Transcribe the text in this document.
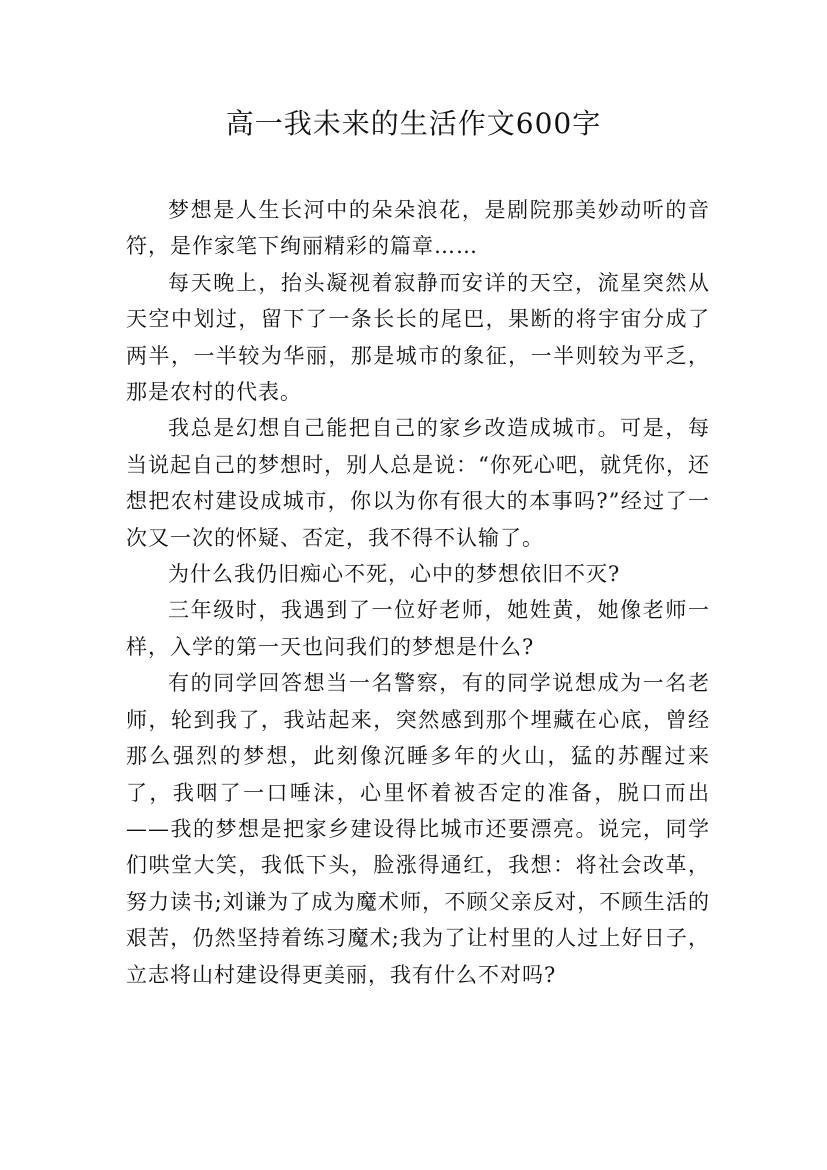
高一我未来的生活作文600字

梦想是人生长河中的朵朵浪花，是剧院那美妙动听的音符，是作家笔下绚丽精彩的篇章……

每天晚上，抬头凝视着寂静而安详的天空，流星突然从天空中划过，留下了一条长长的尾巴，果断的将宇宙分成了两半，一半较为华丽，那是城市的象征，一半则较为平乏，那是农村的代表。

我总是幻想自己能把自己的家乡改造成城市。可是，每当说起自己的梦想时，别人总是说：“你死心吧，就凭你，还想把农村建设成城市，你以为你有很大的本事吗?”经过了一次又一次的怀疑、否定，我不得不认输了。

为什么我仍旧痴心不死，心中的梦想依旧不灭?

三年级时，我遇到了一位好老师，她姓黄，她像老师一样，入学的第一天也问我们的梦想是什么?

有的同学回答想当一名警察，有的同学说想成为一名老师，轮到我了，我站起来，突然感到那个埋藏在心底，曾经那么强烈的梦想，此刻像沉睡多年的火山，猛的苏醒过来了，我咽了一口唾沫，心里怀着被否定的准备，脱口而出——我的梦想是把家乡建设得比城市还要漂亮。说完，同学们哄堂大笑，我低下头，脸涨得通红，我想：将社会改革，努力读书;刘谦为了成为魔术师，不顾父亲反对，不顾生活的艰苦，仍然坚持着练习魔术;我为了让村里的人过上好日子，立志将山村建设得更美丽，我有什么不对吗?
